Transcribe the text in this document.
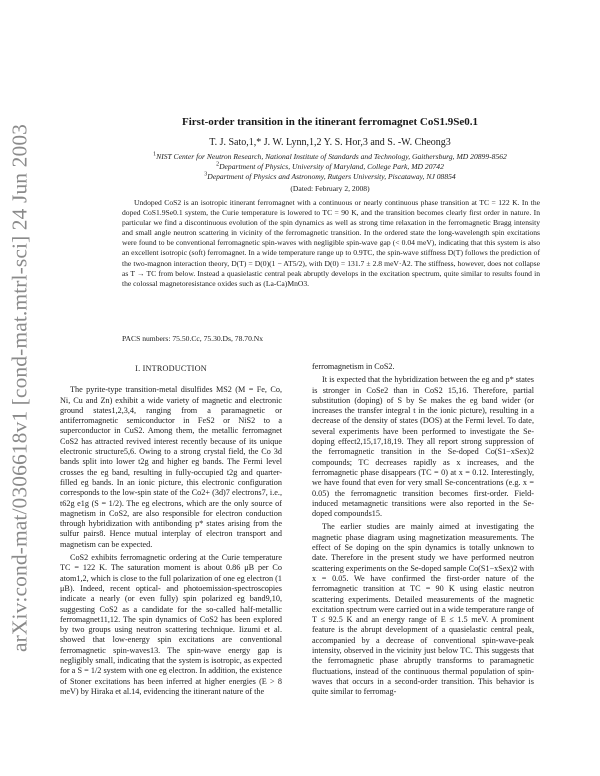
arXiv:cond-mat/0306618v1 [cond-mat.mtrl-sci] 24 Jun 2003
First-order transition in the itinerant ferromagnet CoS1.9Se0.1
T. J. Sato,1,* J. W. Lynn,1,2 Y. S. Hor,3 and S. -W. Cheong3
$^1$NIST Center for Neutron Research, National Institute of Standards and Technology, Gaithersburg, MD 20899-8562
$^2$Department of Physics, University of Maryland, College Park, MD 20742
$^3$Department of Physics and Astronomy, Rutgers University, Piscataway, NJ 08854
(Dated: February 2, 2008)

Undoped CoS2 is an isotropic itinerant ferromagnet with a continuous or nearly continuous phase transition at TC = 122 K. In the doped CoS1.9Se0.1 system, the Curie temperature is lowered to TC = 90 K, and the transition becomes clearly first order in nature. In particular we find a discontinuous evolution of the spin dynamics as well as strong time relaxation in the ferromagnetic Bragg intensity and small angle neutron scattering in vicinity of the ferromagnetic transition. In the ordered state the long-wavelength spin excitations were found to be conventional ferromagnetic spin-waves with negligible spin-wave gap (< 0.04 meV), indicating that this system is also an excellent isotropic (soft) ferromagnet. In a wide temperature range up to 0.9TC, the spin-wave stiffness D(T) follows the prediction of the two-magnon interaction theory, D(T) = D(0)(1 − AT5/2), with D(0) = 131.7 ± 2.8 meV·Å2. The stiffness, however, does not collapse as T → TC from below. Instead a quasielastic central peak abruptly develops in the excitation spectrum, quite similar to results found in the colossal magnetoresistance oxides such as (La-Ca)MnO3.

PACS numbers: 75.50.Cc, 75.30.Ds, 78.70.Nx
I. INTRODUCTION

The pyrite-type transition-metal disulfides MS2 (M = Fe, Co, Ni, Cu and Zn) exhibit a wide variety of magnetic and electronic ground states1,2,3,4, ranging from a paramagnetic or antiferromagnetic semiconductor in FeS2 or NiS2 to a superconductor in CuS2. Among them, the metallic ferromagnet CoS2 has attracted revived interest recently because of its unique electronic structure5,6. Owing to a strong crystal field, the Co 3d bands split into lower t2g and higher eg bands. The Fermi level crosses the eg band, resulting in fully-occupied t2g and quarter-filled eg bands. In an ionic picture, this electronic configuration corresponds to the low-spin state of the Co2+ (3d)7 electrons7, i.e., t62g e1g (S = 1/2). The eg electrons, which are the only source of magnetism in CoS2, are also responsible for electron conduction through hybridization with antibonding p* states arising from the sulfur pairs8. Hence mutual interplay of electron transport and magnetism can be expected.

CoS2 exhibits ferromagnetic ordering at the Curie temperature TC = 122 K. The saturation moment is about 0.86 μB per Co atom1,2, which is close to the full polarization of one eg electron (1 μB). Indeed, recent optical- and photoemission-spectroscopies indicate a nearly (or even fully) spin polarized eg band9,10, suggesting CoS2 as a candidate for the so-called half-metallic ferromagnet11,12. The spin dynamics of CoS2 has been explored by two groups using neutron scattering technique. Iizumi et al. showed that low-energy spin excitations are conventional ferromagnetic spin-waves13. The spin-wave energy gap is negligibly small, indicating that the system is isotropic, as expected for a S = 1/2 system with one eg electron. In addition, the existence of Stoner excitations has been inferred at higher energies (E > 8 meV) by Hiraka et al.14, evidencing the itinerant nature of the

ferromagnetism in CoS2.

It is expected that the hybridization between the eg and p* states is stronger in CoSe2 than in CoS2 15,16. Therefore, partial substitution (doping) of S by Se makes the eg band wider (or increases the transfer integral t in the ionic picture), resulting in a decrease of the density of states (DOS) at the Fermi level. To date, several experiments have been performed to investigate the Se-doping effect2,15,17,18,19. They all report strong suppression of the ferromagnetic transition in the Se-doped Co(S1−xSex)2 compounds; TC decreases rapidly as x increases, and the ferromagnetic phase disappears (TC = 0) at x = 0.12. Interestingly, we have found that even for very small Se-concentrations (e.g. x = 0.05) the ferromagnetic transition becomes first-order. Field-induced metamagnetic transitions were also reported in the Se-doped compounds15.

The earlier studies are mainly aimed at investigating the magnetic phase diagram using magnetization measurements. The effect of Se doping on the spin dynamics is totally unknown to date. Therefore in the present study we have performed neutron scattering experiments on the Se-doped sample Co(S1−xSex)2 with x = 0.05. We have confirmed the first-order nature of the ferromagnetic transition at TC = 90 K using elastic neutron scattering experiments. Detailed measurements of the magnetic excitation spectrum were carried out in a wide temperature range of T ≤ 92.5 K and an energy range of E ≤ 1.5 meV. A prominent feature is the abrupt development of a quasielastic central peak, accompanied by a decrease of conventional spin-wave-peak intensity, observed in the vicinity just below TC. This suggests that the ferromagnetic phase abruptly transforms to paramagnetic fluctuations, instead of the continuous thermal population of spin-waves that occurs in a second-order transition. This behavior is quite similar to ferromag-
